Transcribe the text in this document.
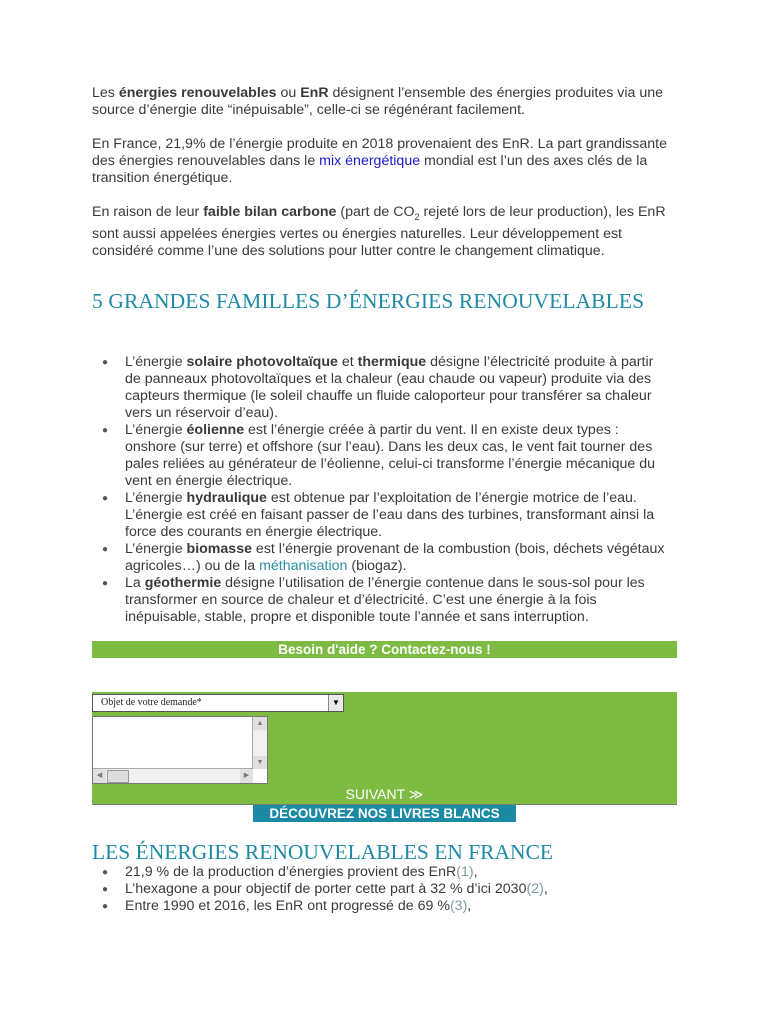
Les énergies renouvelables ou EnR désignent l’ensemble des énergies produites via une source d’énergie dite “inépuisable”, celle-ci se régénérant facilement.

En France, 21,9% de l’énergie produite en 2018 provenaient des EnR. La part grandissante des énergies renouvelables dans le mix énergétique mondial est l’un des axes clés de la transition énergétique.

En raison de leur faible bilan carbone (part de $CO_2$ rejeté lors de leur production), les EnR sont aussi appelées énergies vertes ou énergies naturelles. Leur développement est considéré comme l’une des solutions pour lutter contre le changement climatique.

5 GRANDES FAMILLES D’ÉNERGIES RENOUVELABLES
● L’énergie solaire photovoltaïque et thermique désigne l’électricité produite à partir de panneaux photovoltaïques et la chaleur (eau chaude ou vapeur) produite via des capteurs thermique (le soleil chauffe un fluide caloporteur pour transférer sa chaleur vers un réservoir d’eau).
● L’énergie éolienne est l’énergie créée à partir du vent. Il en existe deux types : onshore (sur terre) et offshore (sur l’eau). Dans les deux cas, le vent fait tourner des pales reliées au générateur de l’éolienne, celui-ci transforme l’énergie mécanique du vent en énergie électrique.
● L’énergie hydraulique est obtenue par l’exploitation de l’énergie motrice de l’eau. L’énergie est créé en faisant passer de l’eau dans des turbines, transformant ainsi la force des courants en énergie électrique.
● L’énergie biomasse est l’énergie provenant de la combustion (bois, déchets végétaux agricoles…) ou de la méthanisation (biogaz).
● La géothermie désigne l’utilisation de l’énergie contenue dans le sous-sol pour les transformer en source de chaleur et d’électricité. C’est une énergie à la fois inépuisable, stable, propre et disponible toute l’année et sans interruption.
LES ÉNERGIES RENOUVELABLES EN FRANCE
● 21,9 % de la production d’énergies provient des EnR(1),
● L’hexagone a pour objectif de porter cette part à 32 % d’ici 2030(2),
● Entre 1990 et 2016, les EnR ont progressé de 69 %(3),
Besoin d'aide ? Contactez-nous !
Objet de votre demande*	▼
▲
▼
◀	▶
SUIVANT ≫
DÉCOUVREZ NOS LIVRES BLANCS
